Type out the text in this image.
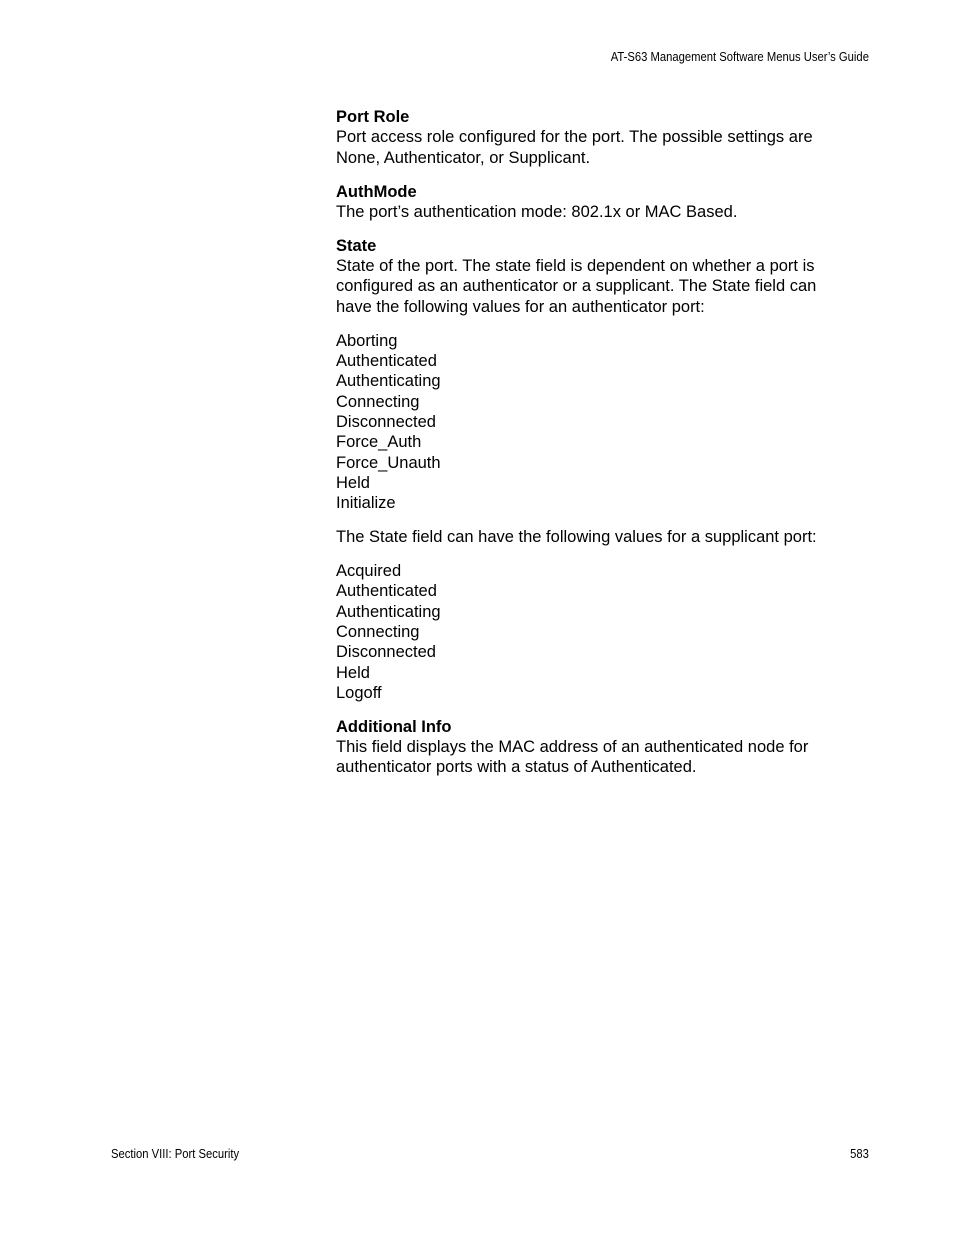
AT-S63 Management Software Menus User’s Guide

Port Role

Port access role configured for the port. The possible settings are None, Authenticator, or Supplicant.

AuthMode

The port’s authentication mode: 802.1x or MAC Based.

State

State of the port. The state field is dependent on whether a port is configured as an authenticator or a supplicant. The State field can have the following values for an authenticator port:

Aborting
Authenticated
Authenticating
Connecting
Disconnected
Force_Auth
Force_Unauth
Held
Initialize

The State field can have the following values for a supplicant port:

Acquired
Authenticated
Authenticating
Connecting
Disconnected
Held
Logoff

Additional Info

This field displays the MAC address of an authenticated node for authenticator ports with a status of Authenticated.

Section VIII: Port Security	583
